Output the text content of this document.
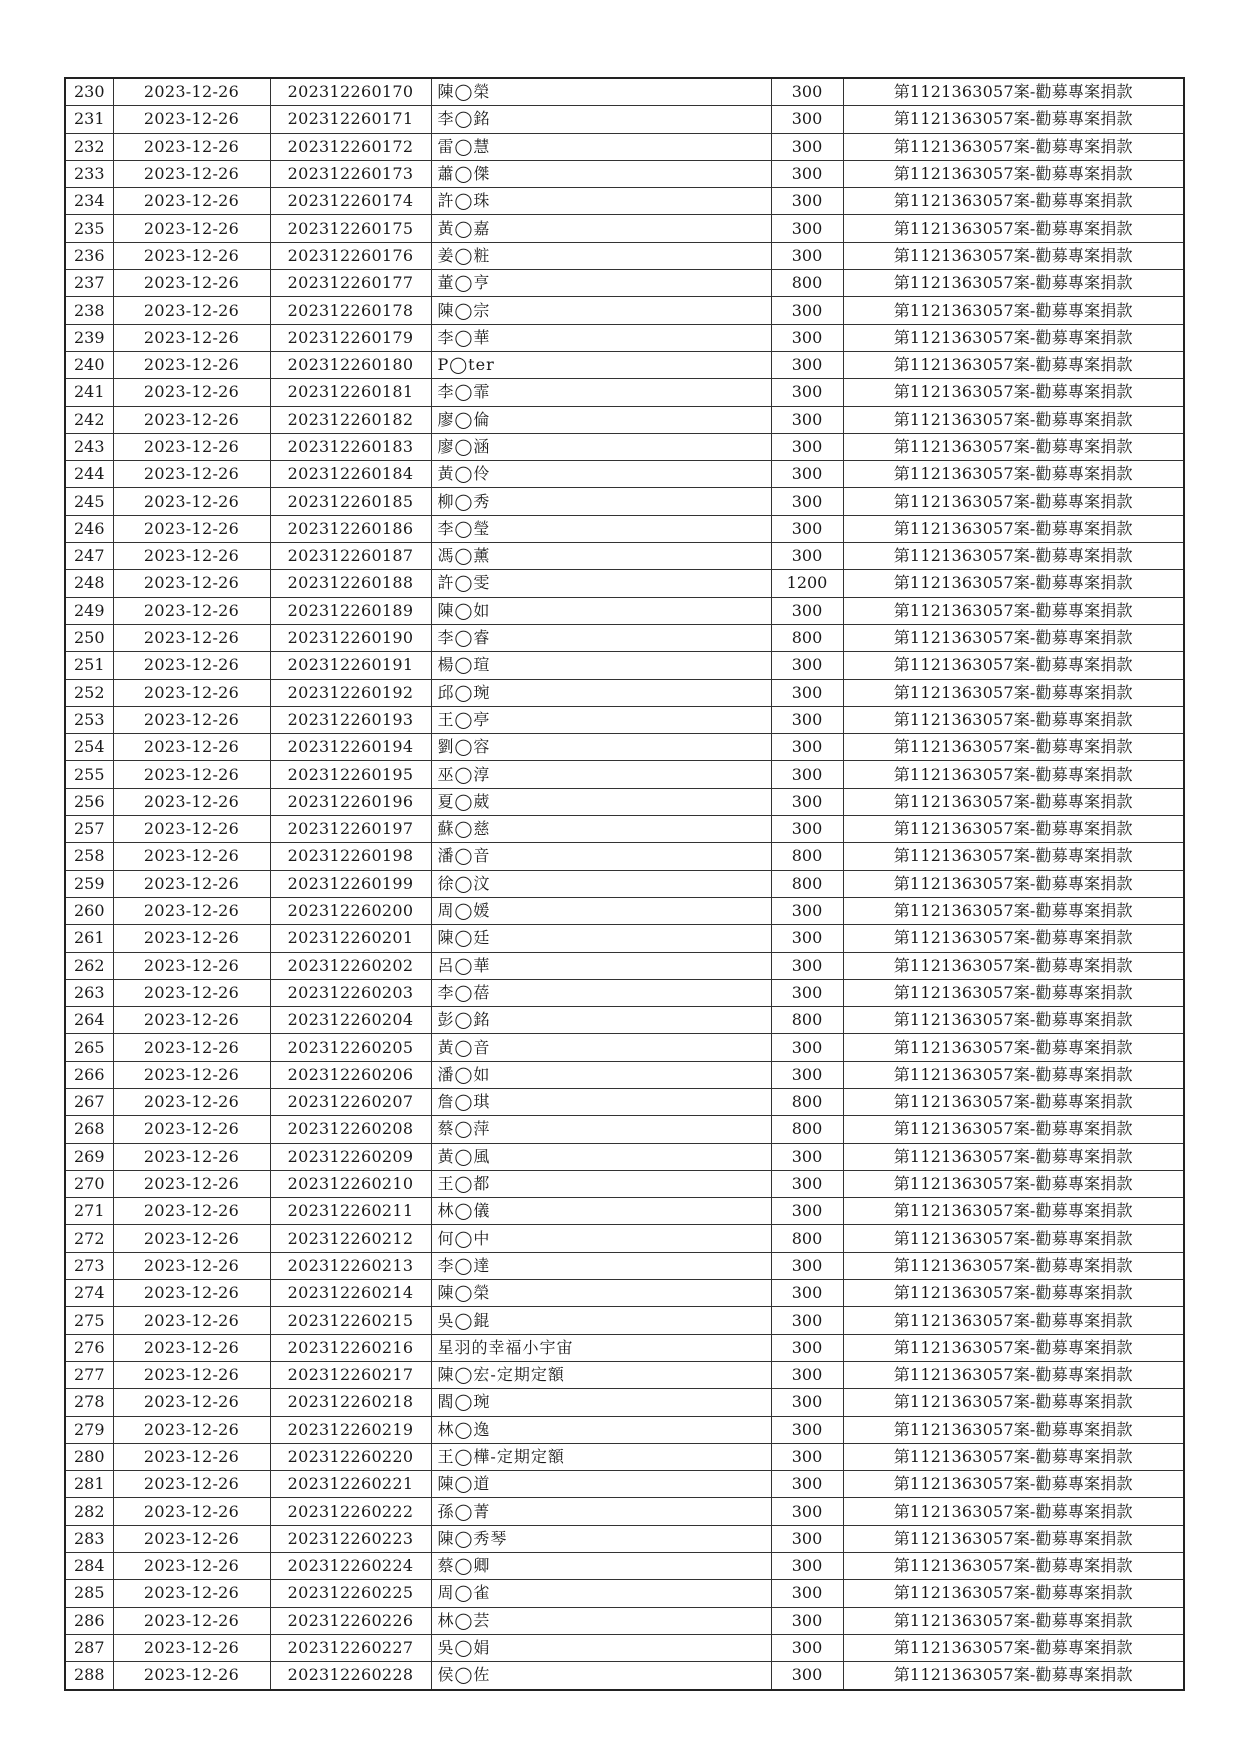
230	2023-12-26	202312260170	陳◯榮	300	第1121363057案-勸募專案捐款
231	2023-12-26	202312260171	李◯銘	300	第1121363057案-勸募專案捐款
232	2023-12-26	202312260172	雷◯慧	300	第1121363057案-勸募專案捐款
233	2023-12-26	202312260173	蕭◯傑	300	第1121363057案-勸募專案捐款
234	2023-12-26	202312260174	許◯珠	300	第1121363057案-勸募專案捐款
235	2023-12-26	202312260175	黃◯嘉	300	第1121363057案-勸募專案捐款
236	2023-12-26	202312260176	姜◯粧	300	第1121363057案-勸募專案捐款
237	2023-12-26	202312260177	董◯亨	800	第1121363057案-勸募專案捐款
238	2023-12-26	202312260178	陳◯宗	300	第1121363057案-勸募專案捐款
239	2023-12-26	202312260179	李◯華	300	第1121363057案-勸募專案捐款
240	2023-12-26	202312260180	P◯ter	300	第1121363057案-勸募專案捐款
241	2023-12-26	202312260181	李◯霏	300	第1121363057案-勸募專案捐款
242	2023-12-26	202312260182	廖◯倫	300	第1121363057案-勸募專案捐款
243	2023-12-26	202312260183	廖◯涵	300	第1121363057案-勸募專案捐款
244	2023-12-26	202312260184	黃◯伶	300	第1121363057案-勸募專案捐款
245	2023-12-26	202312260185	柳◯秀	300	第1121363057案-勸募專案捐款
246	2023-12-26	202312260186	李◯瑩	300	第1121363057案-勸募專案捐款
247	2023-12-26	202312260187	馮◯薰	300	第1121363057案-勸募專案捐款
248	2023-12-26	202312260188	許◯雯	1200	第1121363057案-勸募專案捐款
249	2023-12-26	202312260189	陳◯如	300	第1121363057案-勸募專案捐款
250	2023-12-26	202312260190	李◯睿	800	第1121363057案-勸募專案捐款
251	2023-12-26	202312260191	楊◯瑄	300	第1121363057案-勸募專案捐款
252	2023-12-26	202312260192	邱◯琬	300	第1121363057案-勸募專案捐款
253	2023-12-26	202312260193	王◯亭	300	第1121363057案-勸募專案捐款
254	2023-12-26	202312260194	劉◯容	300	第1121363057案-勸募專案捐款
255	2023-12-26	202312260195	巫◯淳	300	第1121363057案-勸募專案捐款
256	2023-12-26	202312260196	夏◯葳	300	第1121363057案-勸募專案捐款
257	2023-12-26	202312260197	蘇◯慈	300	第1121363057案-勸募專案捐款
258	2023-12-26	202312260198	潘◯音	800	第1121363057案-勸募專案捐款
259	2023-12-26	202312260199	徐◯汶	800	第1121363057案-勸募專案捐款
260	2023-12-26	202312260200	周◯媛	300	第1121363057案-勸募專案捐款
261	2023-12-26	202312260201	陳◯廷	300	第1121363057案-勸募專案捐款
262	2023-12-26	202312260202	呂◯華	300	第1121363057案-勸募專案捐款
263	2023-12-26	202312260203	李◯蓓	300	第1121363057案-勸募專案捐款
264	2023-12-26	202312260204	彭◯銘	800	第1121363057案-勸募專案捐款
265	2023-12-26	202312260205	黃◯音	300	第1121363057案-勸募專案捐款
266	2023-12-26	202312260206	潘◯如	300	第1121363057案-勸募專案捐款
267	2023-12-26	202312260207	詹◯琪	800	第1121363057案-勸募專案捐款
268	2023-12-26	202312260208	蔡◯萍	800	第1121363057案-勸募專案捐款
269	2023-12-26	202312260209	黃◯風	300	第1121363057案-勸募專案捐款
270	2023-12-26	202312260210	王◯都	300	第1121363057案-勸募專案捐款
271	2023-12-26	202312260211	林◯儀	300	第1121363057案-勸募專案捐款
272	2023-12-26	202312260212	何◯中	800	第1121363057案-勸募專案捐款
273	2023-12-26	202312260213	李◯達	300	第1121363057案-勸募專案捐款
274	2023-12-26	202312260214	陳◯榮	300	第1121363057案-勸募專案捐款
275	2023-12-26	202312260215	吳◯錕	300	第1121363057案-勸募專案捐款
276	2023-12-26	202312260216	星羽的幸福小宇宙	300	第1121363057案-勸募專案捐款
277	2023-12-26	202312260217	陳◯宏-定期定額	300	第1121363057案-勸募專案捐款
278	2023-12-26	202312260218	閻◯琬	300	第1121363057案-勸募專案捐款
279	2023-12-26	202312260219	林◯逸	300	第1121363057案-勸募專案捐款
280	2023-12-26	202312260220	王◯樺-定期定額	300	第1121363057案-勸募專案捐款
281	2023-12-26	202312260221	陳◯道	300	第1121363057案-勸募專案捐款
282	2023-12-26	202312260222	孫◯菁	300	第1121363057案-勸募專案捐款
283	2023-12-26	202312260223	陳◯秀琴	300	第1121363057案-勸募專案捐款
284	2023-12-26	202312260224	蔡◯卿	300	第1121363057案-勸募專案捐款
285	2023-12-26	202312260225	周◯雀	300	第1121363057案-勸募專案捐款
286	2023-12-26	202312260226	林◯芸	300	第1121363057案-勸募專案捐款
287	2023-12-26	202312260227	吳◯娟	300	第1121363057案-勸募專案捐款
288	2023-12-26	202312260228	侯◯佐	300	第1121363057案-勸募專案捐款
